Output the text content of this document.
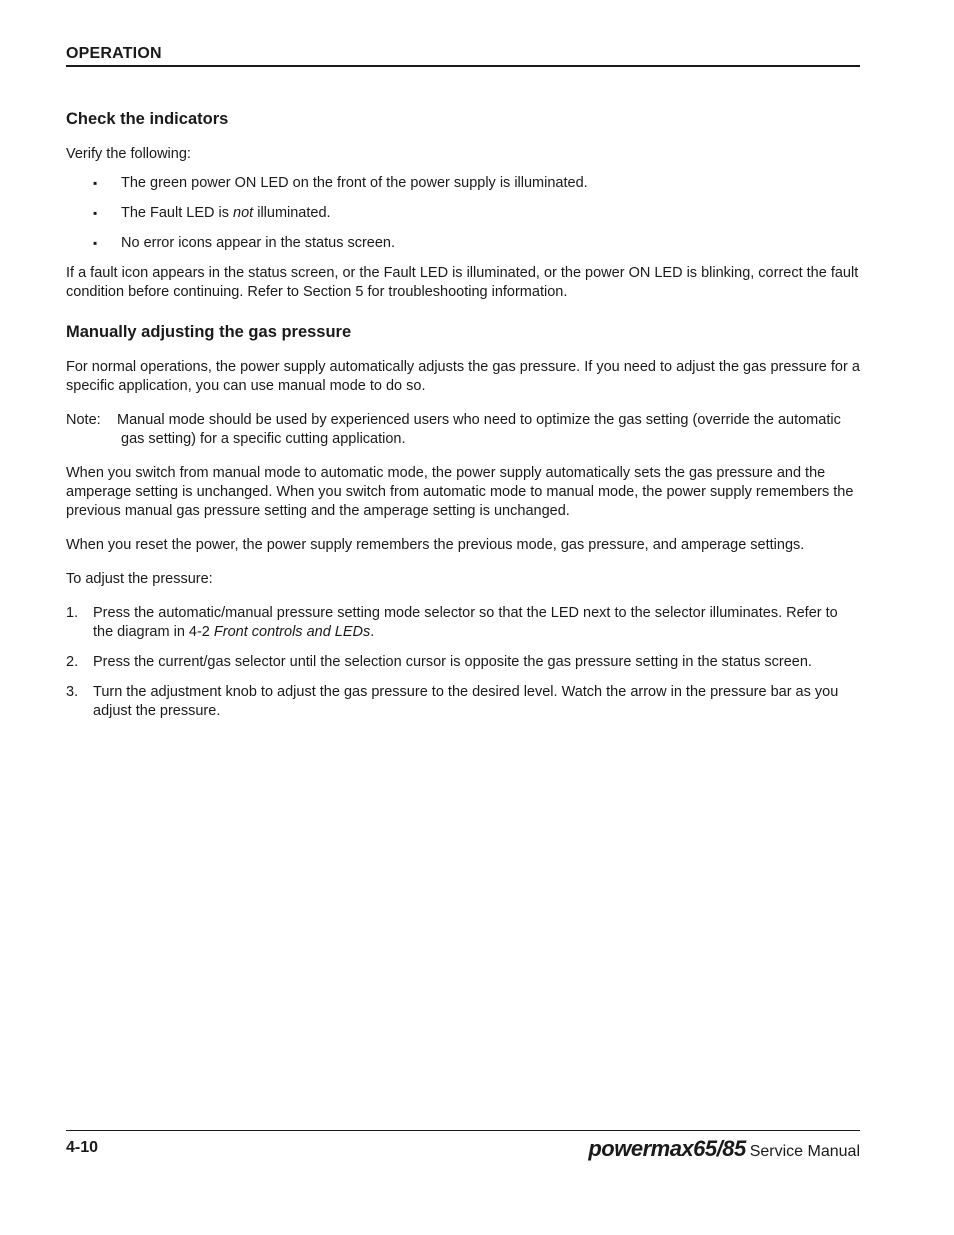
OPERATION
Check the indicators

Verify the following:

▪ The green power ON LED on the front of the power supply is illuminated.
▪ The Fault LED is not illuminated.
▪ No error icons appear in the status screen.

If a fault icon appears in the status screen, or the Fault LED is illuminated, or the power ON LED is blinking, correct the fault condition before continuing. Refer to Section 5 for troubleshooting information.

Manually adjusting the gas pressure

For normal operations, the power supply automatically adjusts the gas pressure. If you need to adjust the gas pressure for a specific application, you can use manual mode to do so.

Note: Manual mode should be used by experienced users who need to optimize the gas setting (override the automatic gas setting) for a specific cutting application.

When you switch from manual mode to automatic mode, the power supply automatically sets the gas pressure and the amperage setting is unchanged. When you switch from automatic mode to manual mode, the power supply remembers the previous manual gas pressure setting and the amperage setting is unchanged.

When you reset the power, the power supply remembers the previous mode, gas pressure, and amperage settings.

To adjust the pressure:

1. Press the automatic/manual pressure setting mode selector so that the LED next to the selector illuminates. Refer to the diagram in 4-2 Front controls and LEDs.
2. Press the current/gas selector until the selection cursor is opposite the gas pressure setting in the status screen.
3. Turn the adjustment knob to adjust the gas pressure to the desired level. Watch the arrow in the pressure bar as you adjust the pressure.
4-10	powermax65/85 Service Manual
